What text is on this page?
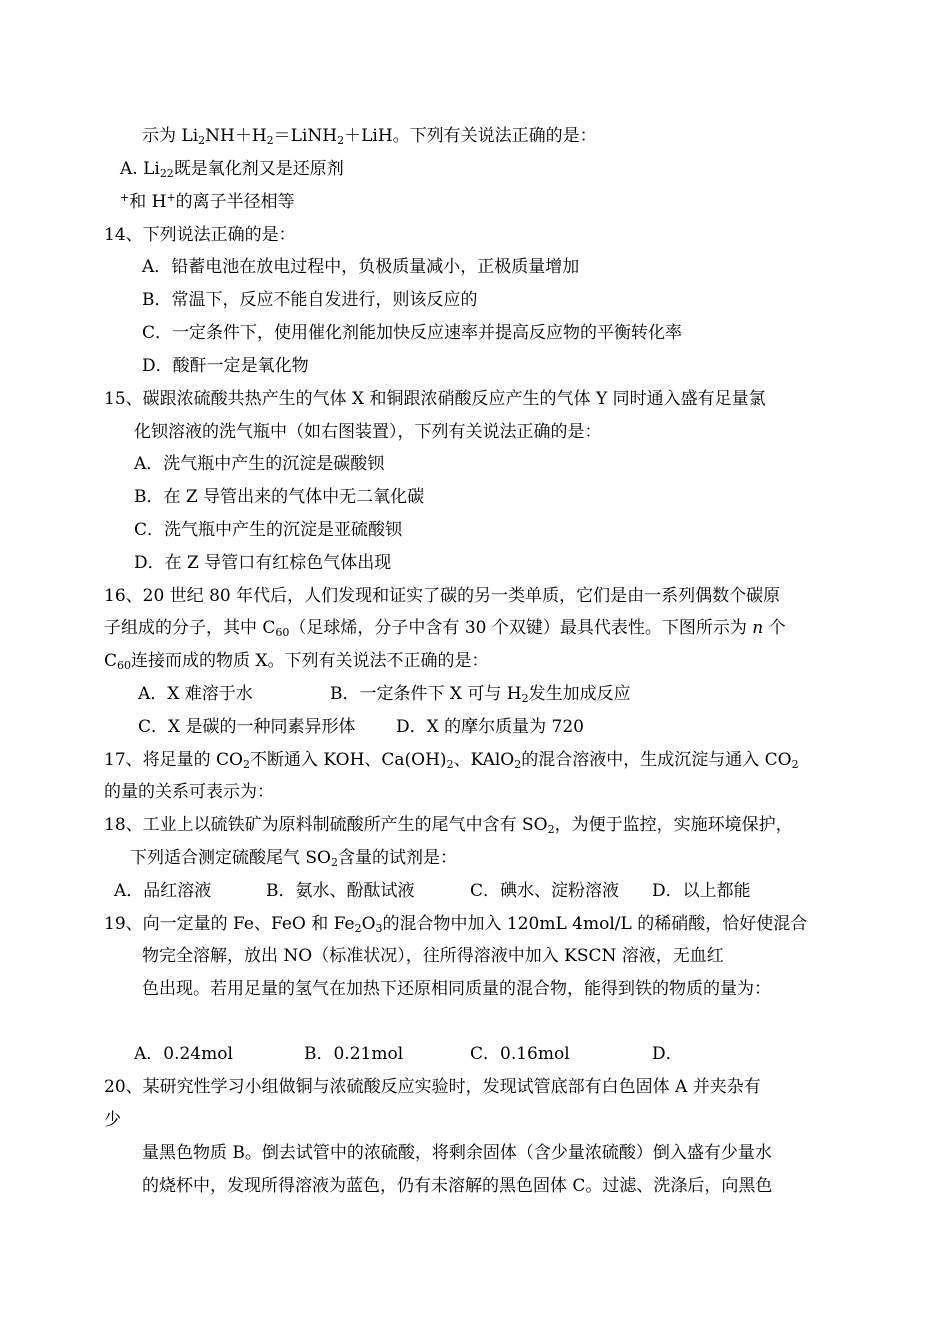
示为 $Li_2NH+H_2=LiNH_2+LiH$。下列有关说法正确的是：
A. $Li_{22}$既是氧化剂又是还原剂
+和 H+的离子半径相等
14、下列说法正确的是：
A．铅蓄电池在放电过程中，负极质量减小，正极质量增加
B．常温下，反应不能自发进行，则该反应的
C．一定条件下，使用催化剂能加快反应速率并提高反应物的平衡转化率
D．酸酐一定是氧化物
15、碳跟浓硫酸共热产生的气体 X 和铜跟浓硝酸反应产生的气体 Y 同时通入盛有足量氯
化钡溶液的洗气瓶中（如右图装置），下列有关说法正确的是：
A．洗气瓶中产生的沉淀是碳酸钡
B．在 Z 导管出来的气体中无二氧化碳
C．洗气瓶中产生的沉淀是亚硫酸钡
D．在 Z 导管口有红棕色气体出现
16、20 世纪 80 年代后，人们发现和证实了碳的另一类单质，它们是由一系列偶数个碳原
子组成的分子，其中 $C_{60}$（足球烯，分子中含有 30 个双键）最具代表性。下图所示为 n 个
$C_{60}$连接而成的物质 X。下列有关说法不正确的是：
A．X 难溶于水	B．一定条件下 X 可与 $H_2$发生加成反应
C．X 是碳的一种同素异形体 D．X 的摩尔质量为 720
17、将足量的 $CO_2$不断通入 KOH、$Ca(OH)_2$、KAlO$_2$的混合溶液中，生成沉淀与通入 $CO_2$
的量的关系可表示为：
18、工业上以硫铁矿为原料制硫酸所产生的尾气中含有 $SO_2$，为便于监控，实施环境保护，
下列适合测定硫酸尾气 $SO_2$含量的试剂是：
A．品红溶液	B．氨水、酚酞试液	C．碘水、淀粉溶液 D．以上都能
19、向一定量的 Fe、FeO 和 $Fe_2O_3$的混合物中加入 120mL 4mol/L 的稀硝酸，恰好使混合
物完全溶解，放出 NO（标准状况），往所得溶液中加入 KSCN 溶液，无血红
色出现。若用足量的氢气在加热下还原相同质量的混合物，能得到铁的物质的量为：
A．0.24mol	B．0.21mol	C．0.16mol	D．
20、某研究性学习小组做铜与浓硫酸反应实验时，发现试管底部有白色固体 A 并夹杂有
少
量黑色物质 B。倒去试管中的浓硫酸，将剩余固体（含少量浓硫酸）倒入盛有少量水
的烧杯中，发现所得溶液为蓝色，仍有未溶解的黑色固体 C。过滤、洗涤后，向黑色
